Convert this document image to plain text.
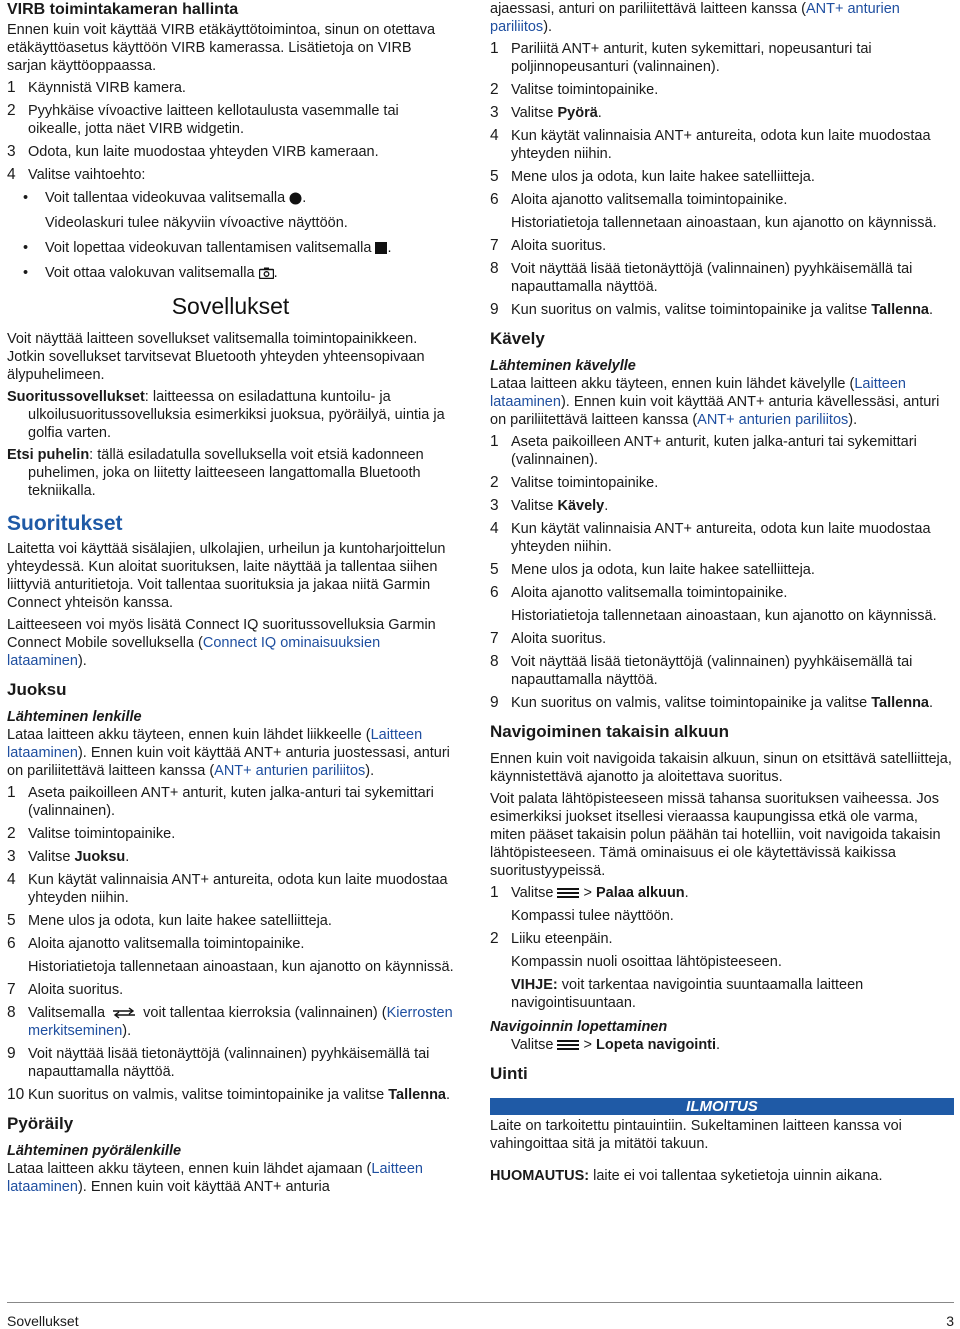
VIRB toimintakameran hallinta

Ennen kuin voit käyttää VIRB etäkäyttötoimintoa, sinun on otettava etäkäyttöasetus käyttöön VIRB kamerassa. Lisätietoja on VIRB sarjan käyttöoppaassa.

1 Käynnistä VIRB kamera.
2 Pyyhkäise vívoactive laitteen kellotaulusta vasemmalle tai oikealle, jotta näet VIRB widgetin.
3 Odota, kun laite muodostaa yhteyden VIRB kameraan.
4 Valitse vaihtoehto:
•	Voit tallentaa videokuvaa valitsemalla .
Videolaskuri tulee näkyviin vívoactive näyttöön.
•	Voit lopettaa videokuvan tallentamisen valitsemalla .
•	Voit ottaa valokuvan valitsemalla .
Sovellukset

Voit näyttää laitteen sovellukset valitsemalla toimintopainikkeen. Jotkin sovellukset tarvitsevat Bluetooth yhteyden yhteensopivaan älypuhelimeen.

Suoritussovellukset: laitteessa on esiladattuna kuntoilu- ja ulkoilusuoritussovelluksia esimerkiksi juoksua, pyöräilyä, uintia ja golfia varten.

Etsi puhelin: tällä esiladatulla sovelluksella voit etsiä kadonneen puhelimen, joka on liitetty laitteeseen langattomalla Bluetooth tekniikalla.

Suoritukset

Laitetta voi käyttää sisälajien, ulkolajien, urheilun ja kuntoharjoittelun yhteydessä. Kun aloitat suorituksen, laite näyttää ja tallentaa siihen liittyviä anturitietoja. Voit tallentaa suorituksia ja jakaa niitä Garmin Connect yhteisön kanssa.

Laitteeseen voi myös lisätä Connect IQ suoritussovelluksia Garmin Connect Mobile sovelluksella (Connect IQ ominaisuuksien lataaminen).

Juoksu
Lähteminen lenkille

Lataa laitteen akku täyteen, ennen kuin lähdet liikkeelle (Laitteen lataaminen). Ennen kuin voit käyttää ANT+ anturia juostessasi, anturi on pariliitettävä laitteen kanssa (ANT+ anturien pariliitos).

1 Aseta paikoilleen ANT+ anturit, kuten jalka-anturi tai sykemittari (valinnainen).
2 Valitse toimintopainike.
3 Valitse Juoksu.
4 Kun käytät valinnaisia ANT+ antureita, odota kun laite muodostaa yhteyden niihin.
5 Mene ulos ja odota, kun laite hakee satelliitteja.
6 Aloita ajanotto valitsemalla toimintopainike.
Historiatietoja tallennetaan ainoastaan, kun ajanotto on käynnissä.
7 Aloita suoritus.
8 Valitsemalla	voit tallentaa kierroksia (valinnainen) (Kierrosten merkitseminen).
9 Voit näyttää lisää tietonäyttöjä (valinnainen) pyyhkäisemällä tai napauttamalla näyttöä.
10 Kun suoritus on valmis, valitse toimintopainike ja valitse Tallenna.
Pyöräily
Lähteminen pyörälenkille

Lataa laitteen akku täyteen, ennen kuin lähdet ajamaan (Laitteen lataaminen). Ennen kuin voit käyttää ANT+ anturia

ajaessasi, anturi on pariliitettävä laitteen kanssa (ANT+ anturien pariliitos).

1 Pariliitä ANT+ anturit, kuten sykemittari, nopeusanturi tai poljinnopeusanturi (valinnainen).
2 Valitse toimintopainike.
3 Valitse Pyörä.
4 Kun käytät valinnaisia ANT+ antureita, odota kun laite muodostaa yhteyden niihin.
5 Mene ulos ja odota, kun laite hakee satelliitteja.
6 Aloita ajanotto valitsemalla toimintopainike.
Historiatietoja tallennetaan ainoastaan, kun ajanotto on käynnissä.
7 Aloita suoritus.
8 Voit näyttää lisää tietonäyttöjä (valinnainen) pyyhkäisemällä tai napauttamalla näyttöä.
9 Kun suoritus on valmis, valitse toimintopainike ja valitse Tallenna.
Kävely
Lähteminen kävelylle

Lataa laitteen akku täyteen, ennen kuin lähdet kävelylle (Laitteen lataaminen). Ennen kuin voit käyttää ANT+ anturia kävellessäsi, anturi on pariliitettävä laitteen kanssa (ANT+ anturien pariliitos).

1 Aseta paikoilleen ANT+ anturit, kuten jalka-anturi tai sykemittari (valinnainen).
2 Valitse toimintopainike.
3 Valitse Kävely.
4 Kun käytät valinnaisia ANT+ antureita, odota kun laite muodostaa yhteyden niihin.
5 Mene ulos ja odota, kun laite hakee satelliitteja.
6 Aloita ajanotto valitsemalla toimintopainike.
Historiatietoja tallennetaan ainoastaan, kun ajanotto on käynnissä.
7 Aloita suoritus.
8 Voit näyttää lisää tietonäyttöjä (valinnainen) pyyhkäisemällä tai napauttamalla näyttöä.
9 Kun suoritus on valmis, valitse toimintopainike ja valitse Tallenna.
Navigoiminen takaisin alkuun

Ennen kuin voit navigoida takaisin alkuun, sinun on etsittävä satelliitteja, käynnistettävä ajanotto ja aloitettava suoritus.

Voit palata lähtöpisteeseen missä tahansa suorituksen vaiheessa. Jos esimerkiksi juokset itsellesi vieraassa kaupungissa etkä ole varma, miten pääset takaisin polun päähän tai hotelliin, voit navigoida takaisin lähtöpisteeseen. Tämä ominaisuus ei ole käytettävissä kaikissa suoritustyypeissä.

1 Valitse  > Palaa alkuun.
Kompassi tulee näyttöön.
2 Liiku eteenpäin.
Kompassin nuoli osoittaa lähtöpisteeseen.
VIHJE: voit tarkentaa navigointia suuntaamalla laitteen navigointisuuntaan.
Navigoinnin lopettaminen
Valitse  > Lopeta navigointi.
Uinti
ILMOITUS

Laite on tarkoitettu pintauintiin. Sukeltaminen laitteen kanssa voi vahingoittaa sitä ja mitätöi takuun.

HUOMAUTUS: laite ei voi tallentaa syketietoja uinnin aikana.

Sovellukset	3
